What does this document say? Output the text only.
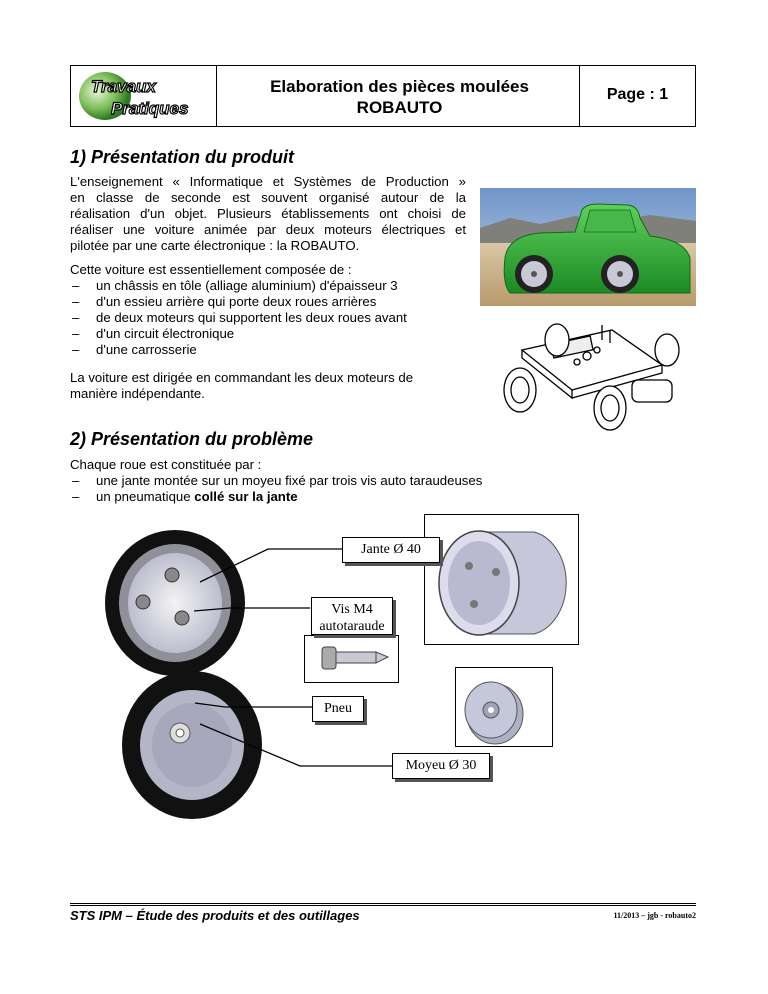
Travaux
Pratiques
Elaboration des pièces moulées
ROBAUTO
Page : 1
1) Présentation du produit
L'enseignement « Informatique et Systèmes de Production »
en classe de seconde est souvent organisé autour de la
réalisation d'un objet. Plusieurs établissements ont choisi de
réaliser une voiture animée par deux moteurs électriques et
pilotée par une carte électronique : la ROBAUTO.
Cette voiture est essentiellement composée de :
– un châssis en tôle (alliage aluminium) d'épaisseur 3
– d'un essieu arrière qui porte deux roues arrières
– de deux moteurs qui supportent les deux roues avant
– d'un circuit électronique
– d'une carrosserie
La voiture est dirigée en commandant les deux moteurs de
manière indépendante.
2) Présentation du problème
Chaque roue est constituée par :
– une jante montée sur un moyeu fixé par trois vis auto taraudeuses
– un pneumatique collé sur la jante
Jante Ø 40
Vis M4
autotaraude
Pneu
Moyeu Ø 30
STS IPM – Étude des produits et des outillages	11/2013 – jgb - robauto2
